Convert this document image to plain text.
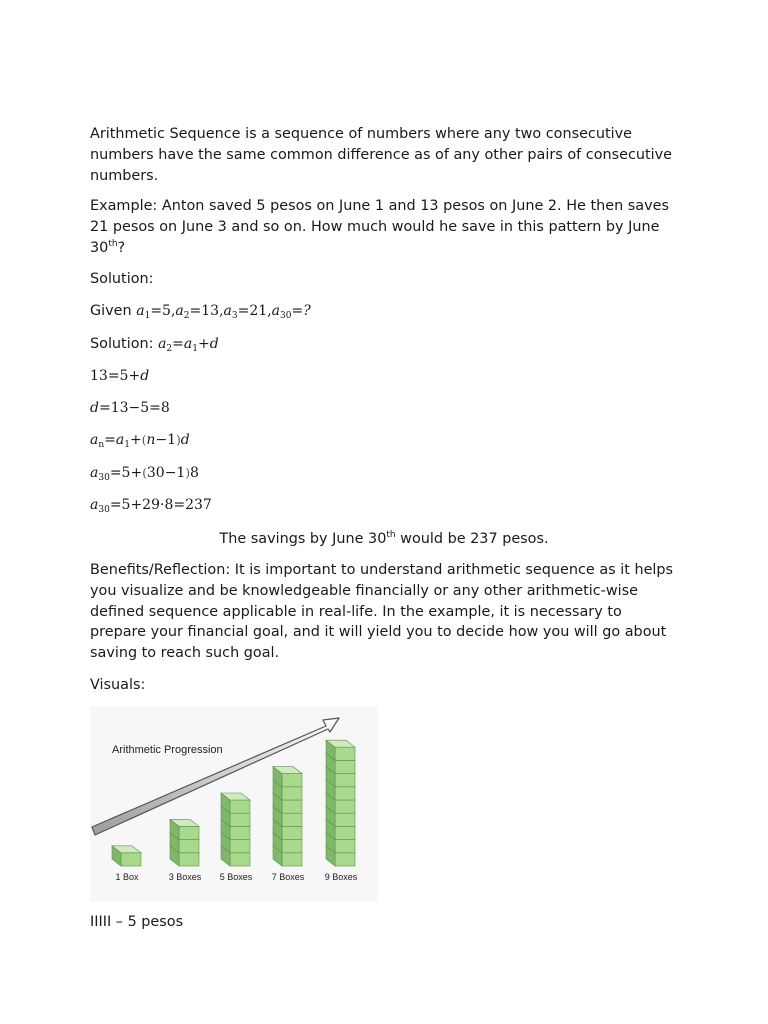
Arithmetic Sequence is a sequence of numbers where any two consecutive numbers have the same common difference as of any other pairs of consecutive numbers.

Example: Anton saved 5 pesos on June 1 and 13 pesos on June 2. He then saves 21 pesos on June 3 and so on. How much would he save in this pattern by June 30th?

Solution:
Given $a_1=5,a_2=13,a_3=21,a_{30}=$?
Solution: $a_2=a_1+d$
13=5+d
d=13−5=8
$a_n=a_1+(n-1)d$
$a_{30}=5+(30-1)8$
$a_{30}=5+29\cdot 8=237$
The savings by June 30th would be 237 pesos.

Benefits/Reflection: It is important to understand arithmetic sequence as it helps you visualize and be knowledgeable financially or any other arithmetic-wise defined sequence applicable in real-life. In the example, it is necessary to prepare your financial goal, and it will yield you to decide how you will go about saving to reach such goal.

Visuals:
Arithmetic Progression
1 Box	3 Boxes 5 Boxes 7 Boxes 9 Boxes
IIIII – 5 pesos
